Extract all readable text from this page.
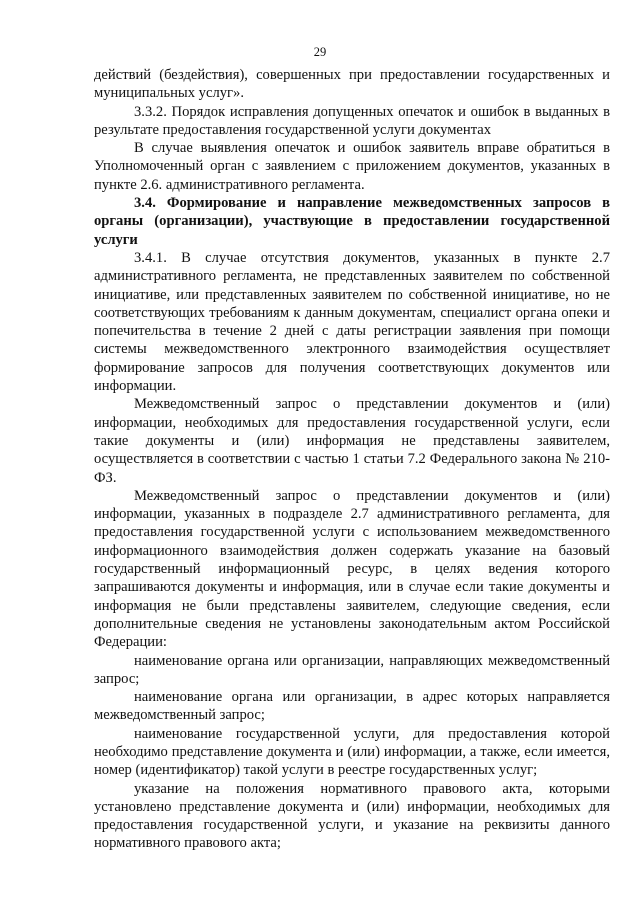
29

действий (бездействия), совершенных при предоставлении государственных и муниципальных услуг».

3.3.2. Порядок исправления допущенных опечаток и ошибок в выданных в результате предоставления государственной услуги документах

В случае выявления опечаток и ошибок заявитель вправе обратиться в Уполномоченный орган с заявлением с приложением документов, указанных в пункте 2.6. административного регламента.

3.4. Формирование и направление межведомственных запросов в органы (организации), участвующие в предоставлении государственной услуги

3.4.1. В случае отсутствия документов, указанных в пункте 2.7 административного регламента, не представленных заявителем по собственной инициативе, или представленных заявителем по собственной инициативе, но не соответствующих требованиям к данным документам, специалист органа опеки и попечительства в течение 2 дней с даты регистрации заявления при помощи системы межведомственного электронного взаимодействия осуществляет формирование запросов для получения соответствующих документов или информации.

Межведомственный запрос о представлении документов и (или) информации, необходимых для предоставления государственной услуги, если такие документы и (или) информация не представлены заявителем, осуществляется в соответствии с частью 1 статьи 7.2 Федерального закона № 210-ФЗ.

Межведомственный запрос о представлении документов и (или) информации, указанных в подразделе 2.7 административного регламента, для предоставления государственной услуги с использованием межведомственного информационного взаимодействия должен содержать указание на базовый государственный информационный ресурс, в целях ведения которого запрашиваются документы и информация, или в случае если такие документы и информация не были представлены заявителем, следующие сведения, если дополнительные сведения не установлены законодательным актом Российской Федерации:

наименование органа или организации, направляющих межведомственный запрос;

наименование органа или организации, в адрес которых направляется межведомственный запрос;

наименование государственной услуги, для предоставления которой необходимо представление документа и (или) информации, а также, если имеется, номер (идентификатор) такой услуги в реестре государственных услуг;

указание на положения нормативного правового акта, которыми установлено представление документа и (или) информации, необходимых для предоставления государственной услуги, и указание на реквизиты данного нормативного правового акта;
